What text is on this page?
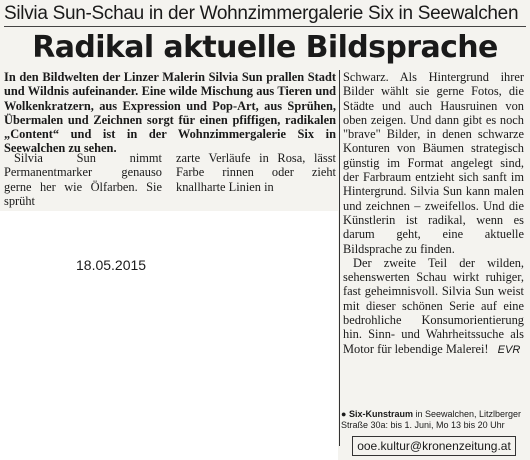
Silvia Sun-Schau in der Wohnzimmergalerie Six in Seewalchen
Radikal aktuelle Bildsprache

In den Bildwelten der Linzer Malerin Silvia Sun prallen Stadt und Wildnis aufeinander. Eine wilde Mischung aus Tieren und Wolkenkratzern, aus Expression und Pop-Art, aus Sprühen, Übermalen und Zeichnen sorgt für einen pfiffigen, radikalen „Content“ und ist in der Wohnzimmergalerie Six in Seewalchen zu sehen.

Silvia Sun nimmt Permanentmarker genauso gerne her wie Ölfarben. Sie sprüht

zarte Verläufe in Rosa, lässt Farbe rinnen oder zieht knallharte Linien in

Schwarz. Als Hintergrund ihrer Bilder wählt sie gerne Fotos, die Städte und auch Hausruinen von oben zeigen. Und dann gibt es noch "brave" Bilder, in denen schwarze Konturen von Bäumen strategisch günstig im Format angelegt sind, der Farbraum entzieht sich sanft im Hintergrund. Silvia Sun kann malen und zeichnen – zweifellos. Und die Künstlerin ist radikal, wenn es darum geht, eine aktuelle Bildsprache zu finden.

Der zweite Teil der wilden, sehenswerten Schau wirkt ruhiger, fast geheimnisvoll. Silvia Sun weist mit dieser schönen Serie auf eine bedrohliche Konsumorientierung hin. Sinn- und Wahrheitssuche als Motor für lebendige Malerei! EVR

● Six-Kunstraum in Seewalchen, Litzlberger Straße 30a: bis 1. Juni, Mo 13 bis 20 Uhr
ooe.kultur@kronenzeitung.at
18.05.2015
